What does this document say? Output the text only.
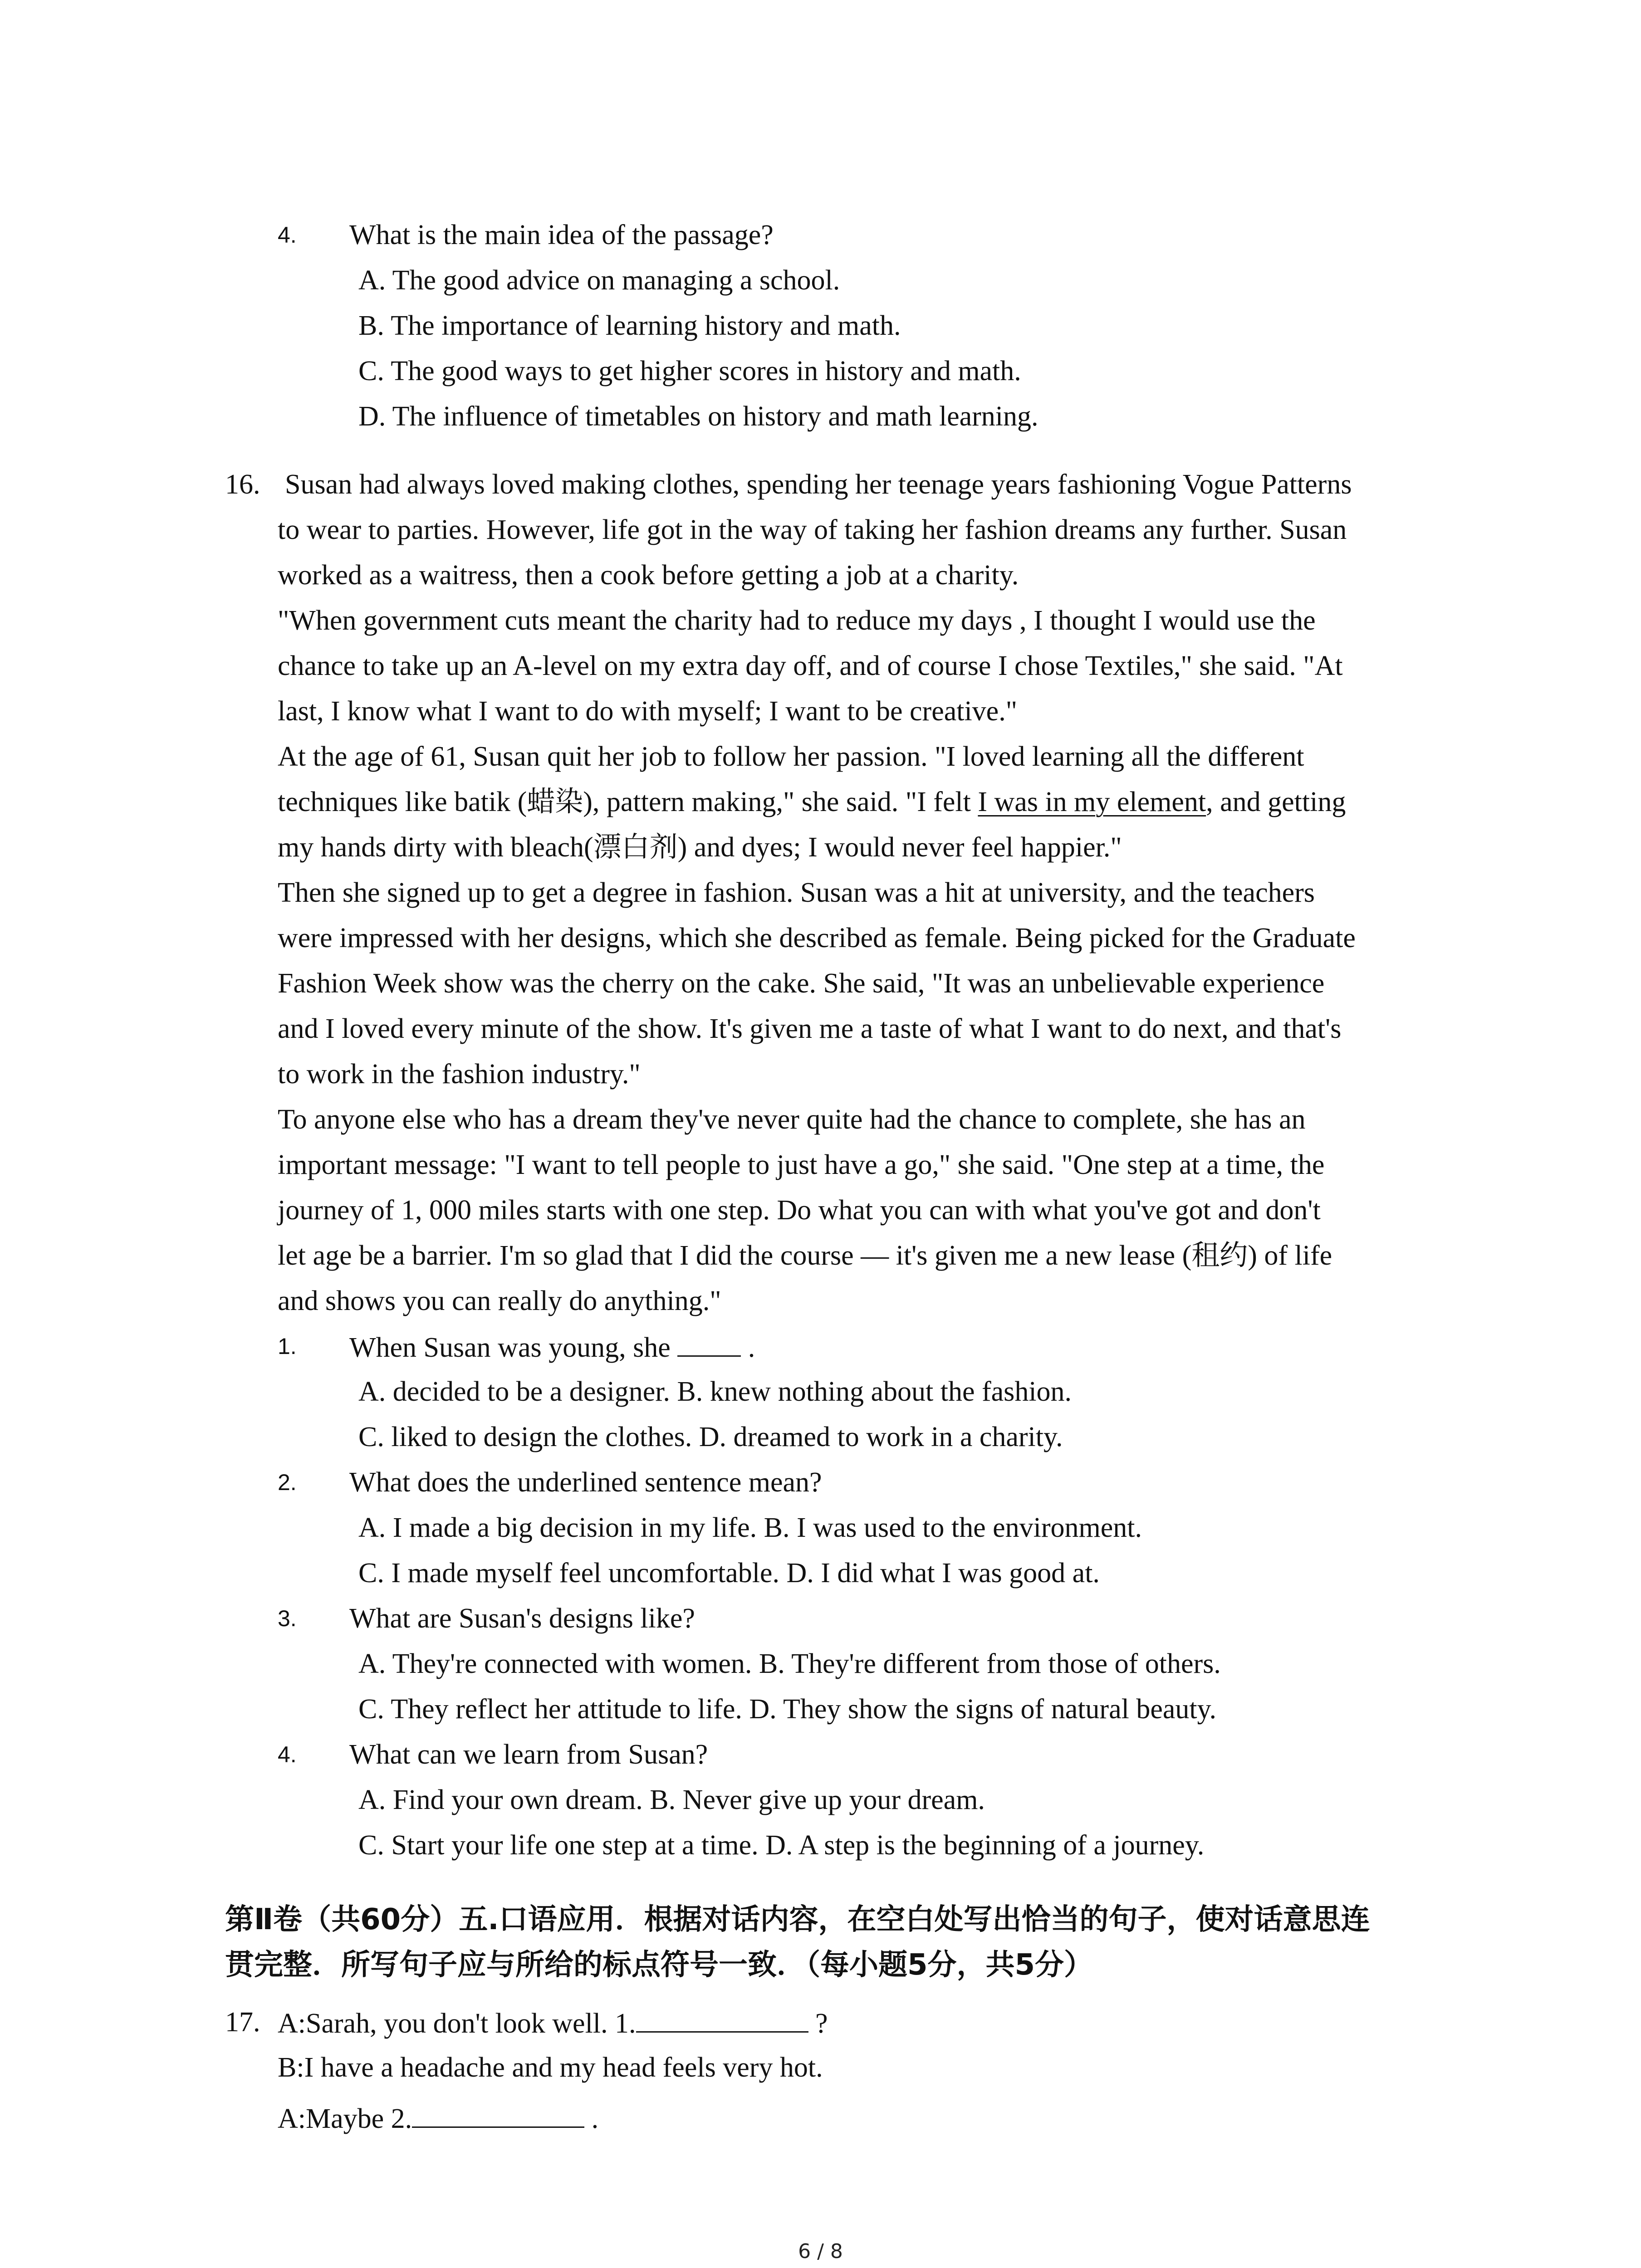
4. What is the main idea of the passage?
A. The good advice on managing a school.
B. The importance of learning history and math.
C. The good ways to get higher scores in history and math.
D. The influence of timetables on history and math learning.
16. Susan had always loved making clothes, spending her teenage years fashioning Vogue Patterns
to wear to parties. However, life got in the way of taking her fashion dreams any further. Susan
worked as a waitress, then a cook before getting a job at a charity.
"When government cuts meant the charity had to reduce my days , I thought I would use the
chance to take up an A-level on my extra day off, and of course I chose Textiles," she said. "At
last, I know what I want to do with myself; I want to be creative."
At the age of 61, Susan quit her job to follow her passion. "I loved learning all the different
techniques like batik (蜡染), pattern making," she said. "I felt I was in my element, and getting
my hands dirty with bleach(漂白剂) and dyes; I would never feel happier."
Then she signed up to get a degree in fashion. Susan was a hit at university, and the teachers
were impressed with her designs, which she described as female. Being picked for the Graduate
Fashion Week show was the cherry on the cake. She said, "It was an unbelievable experience
and I loved every minute of the show. It's given me a taste of what I want to do next, and that's
to work in the fashion industry."
To anyone else who has a dream they've never quite had the chance to complete, she has an
important message: "I want to tell people to just have a go," she said. "One step at a time, the
journey of 1, 000 miles starts with one step. Do what you can with what you've got and don't
let age be a barrier. I'm so glad that I did the course — it's given me a new lease (租约) of life
and shows you can really do anything."
1. When Susan was young, she	.
A. decided to be a designer. B. knew nothing about the fashion.
C. liked to design the clothes. D. dreamed to work in a charity.
2. What does the underlined sentence mean?
A. I made a big decision in my life. B. I was used to the environment.
C. I made myself feel uncomfortable. D. I did what I was good at.
3. What are Susan's designs like?
A. They're connected with women. B. They're different from those of others.
C. They reflect her attitude to life. D. They show the signs of natural beauty.
4. What can we learn from Susan?
A. Find your own dream. B. Never give up your dream.
C. Start your life one step at a time. D. A step is the beginning of a journey.
第Ⅱ卷（共60分）五.口语应用．根据对话内容，在空白处写出恰当的句子，使对话意思连
贯完整．所写句子应与所给的标点符号一致．（每小题5分，共5分）
17. A:Sarah, you don't look well. 1.	?
B:I have a headache and my head feels very hot.
A:Maybe 2.	.
6 / 8
